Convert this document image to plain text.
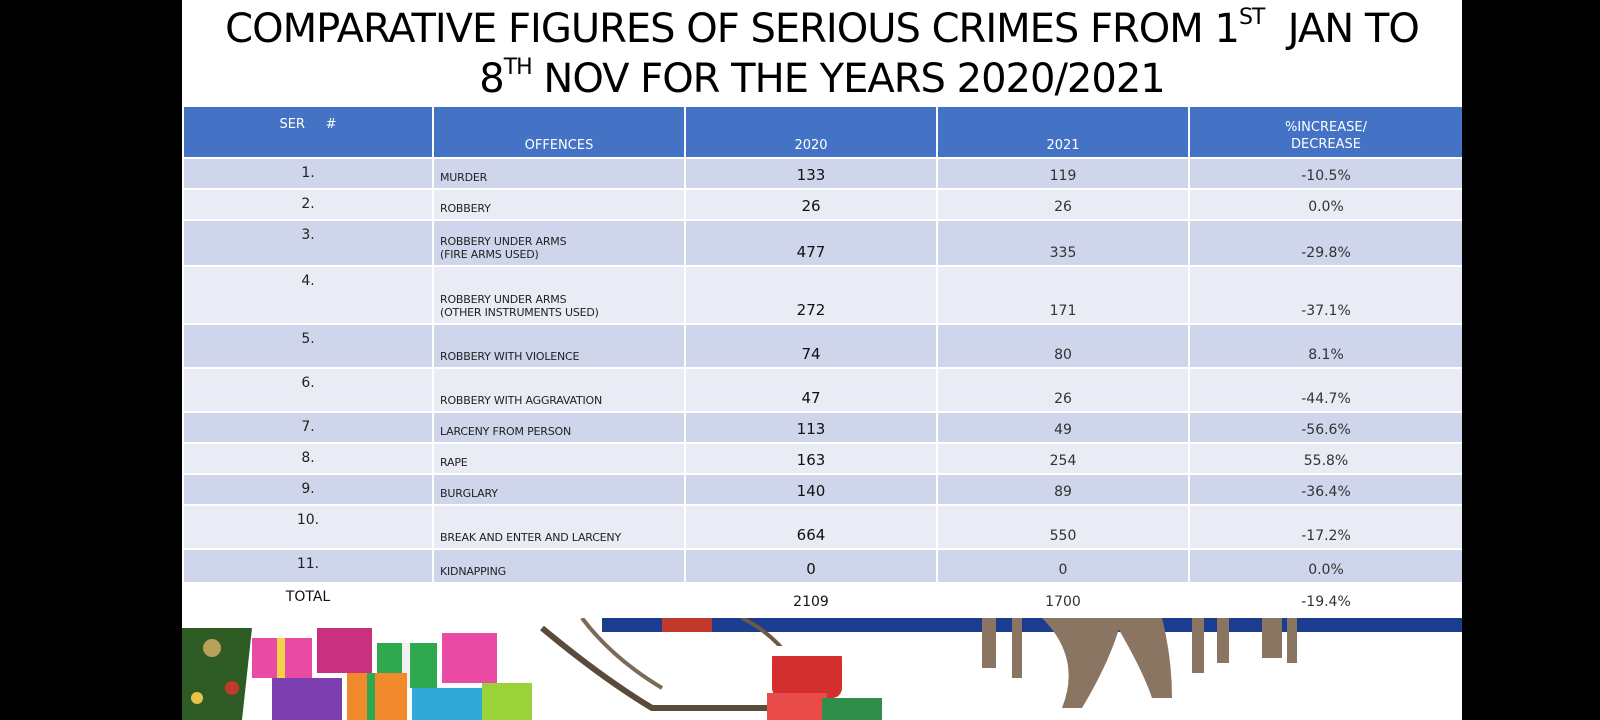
COMPARATIVE FIGURES OF SERIOUS CRIMES FROM 1ST  JAN TO
8TH NOV FOR THE YEARS 2020/2021
SER     #	OFFENCES	2020	2021	%INCREASE/
DECREASE

1.	MURDER	133	119	-10.5%
2.	ROBBERY	26	26	0.0%
3.	ROBBERY UNDER ARMS
(FIRE ARMS USED)	477	335	-29.8%
4.	ROBBERY UNDER ARMS
(OTHER INSTRUMENTS USED)	272	171	-37.1%
5.	ROBBERY WITH VIOLENCE	74	80	8.1%
6.	ROBBERY WITH AGGRAVATION	47	26	-44.7%
7.	LARCENY FROM PERSON	113	49	-56.6%
8.	RAPE	163	254	55.8%
9.	BURGLARY	140	89	-36.4%
10.	BREAK AND ENTER AND LARCENY	664	550	-17.2%
11.	KIDNAPPING	0	0	0.0%
TOTAL		2109	1700	-19.4%
